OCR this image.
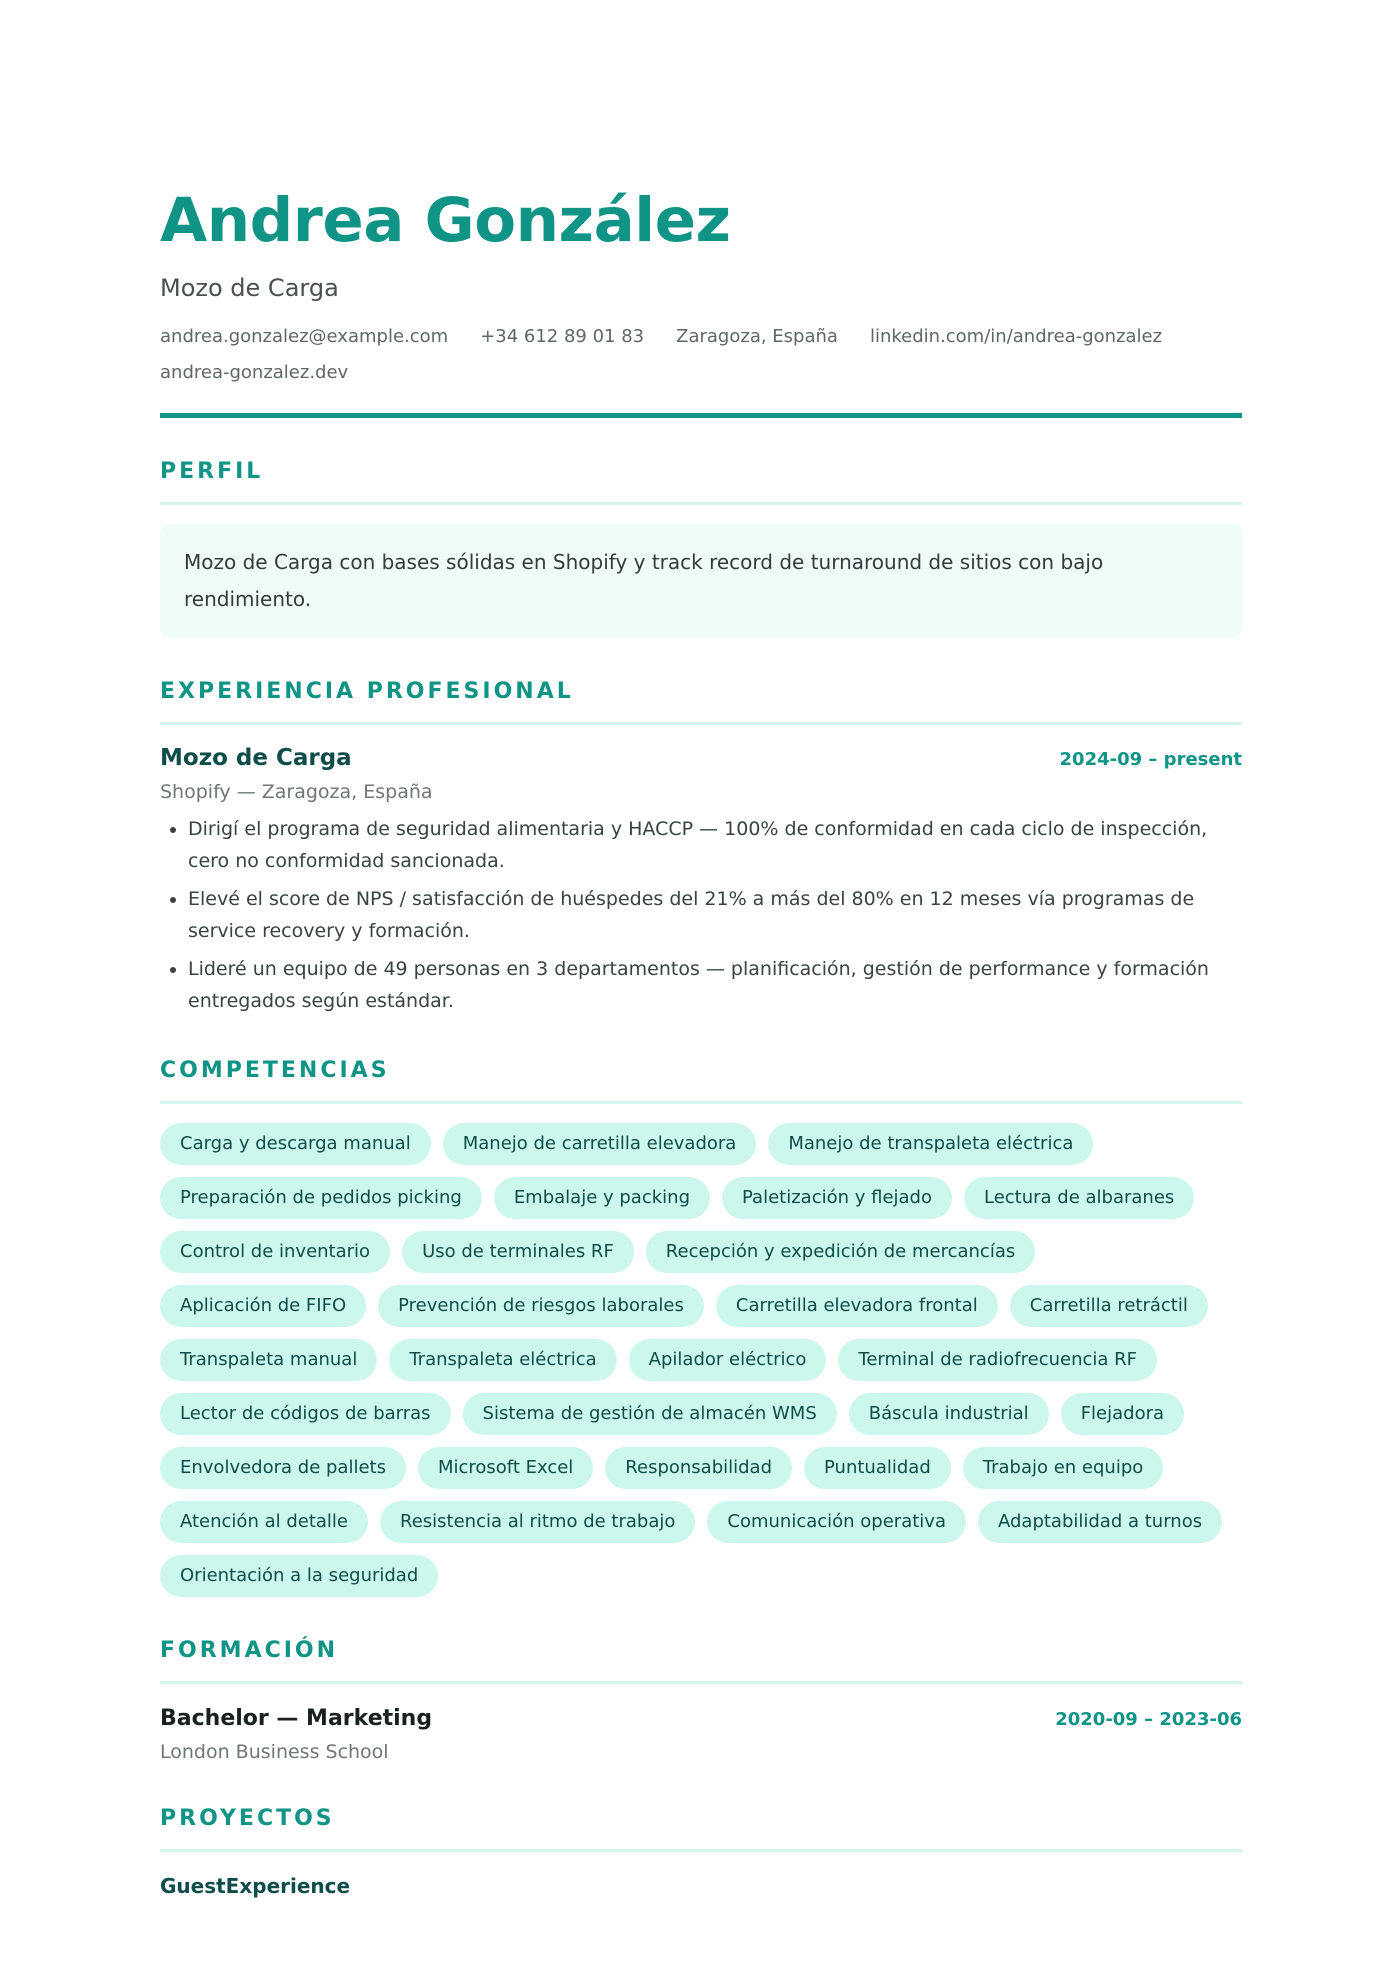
Andrea González
Mozo de Carga
andrea.gonzalez@example.com +34 612 89 01 83 Zaragoza, España linkedin.com/in/andrea-gonzalez
andrea-gonzalez.dev
PERFIL
Mozo de Carga con bases sólidas en Shopify y track record de turnaround de sitios con bajo rendimiento.
EXPERIENCIA PROFESIONAL
Mozo de Carga	2024-09 – present
Shopify — Zaragoza, España
• Dirigí el programa de seguridad alimentaria y HACCP — 100% de conformidad en cada ciclo de inspección, cero no conformidad sancionada.
• Elevé el score de NPS / satisfacción de huéspedes del 21% a más del 80% en 12 meses vía programas de service recovery y formación.
• Lideré un equipo de 49 personas en 3 departamentos — planificación, gestión de performance y formación entregados según estándar.
COMPETENCIAS
Carga y descarga manual	Manejo de carretilla elevadora	Manejo de transpaleta eléctrica
Preparación de pedidos picking	Embalaje y packing	Paletización y flejado	Lectura de albaranes
Control de inventario	Uso de terminales RF	Recepción y expedición de mercancías
Aplicación de FIFO	Prevención de riesgos laborales	Carretilla elevadora frontal	Carretilla retráctil
Transpaleta manual	Transpaleta eléctrica	Apilador eléctrico	Terminal de radiofrecuencia RF
Lector de códigos de barras	Sistema de gestión de almacén WMS	Báscula industrial	Flejadora
Envolvedora de pallets	Microsoft Excel	Responsabilidad	Puntualidad	Trabajo en equipo
Atención al detalle	Resistencia al ritmo de trabajo	Comunicación operativa	Adaptabilidad a turnos
Orientación a la seguridad
FORMACIÓN
Bachelor — Marketing	2020-09 – 2023-06
London Business School
PROYECTOS
GuestExperience
